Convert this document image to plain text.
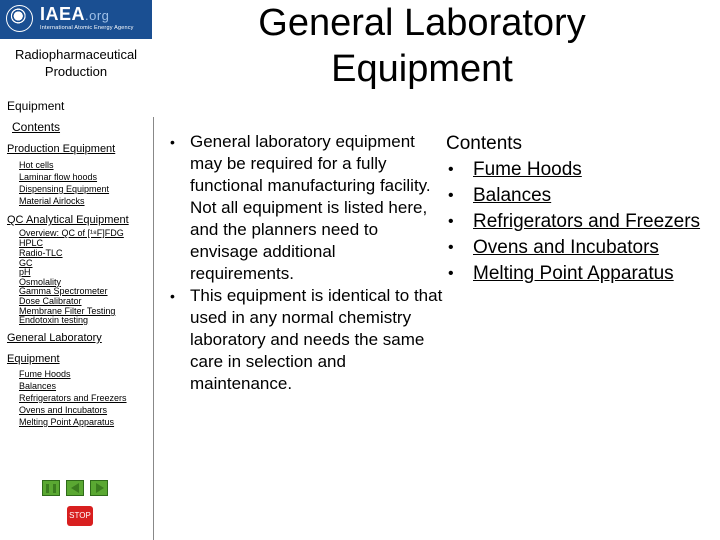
IAEA.org
International Atomic Energy Agency
Radiopharmaceutical
Production
Equipment
Contents
Production Equipment
Hot cells
Laminar flow hoods
Dispensing Equipment
Material Airlocks
QC Analytical Equipment
Overview: QC of [¹⁸F]FDG
HPLC
Radio-TLC
GC
pH
Osmolality
Gamma Spectrometer
Dose Calibrator
Membrane Filter Testing
Endotoxin testing
General Laboratory
Equipment
Fume Hoods
Balances
Refrigerators and Freezers
Ovens and Incubators
Melting Point Apparatus
STOP
General Laboratory
Equipment
• General laboratory equipment may be required for a fully functional manufacturing facility. Not all equipment is listed here, and the planners need to envisage additional requirements.
• This equipment is identical to that used in any normal chemistry laboratory and needs the same care in selection and maintenance.
Contents
• Fume Hoods
• Balances
• Refrigerators and Freezers
• Ovens and Incubators
• Melting Point Apparatus
